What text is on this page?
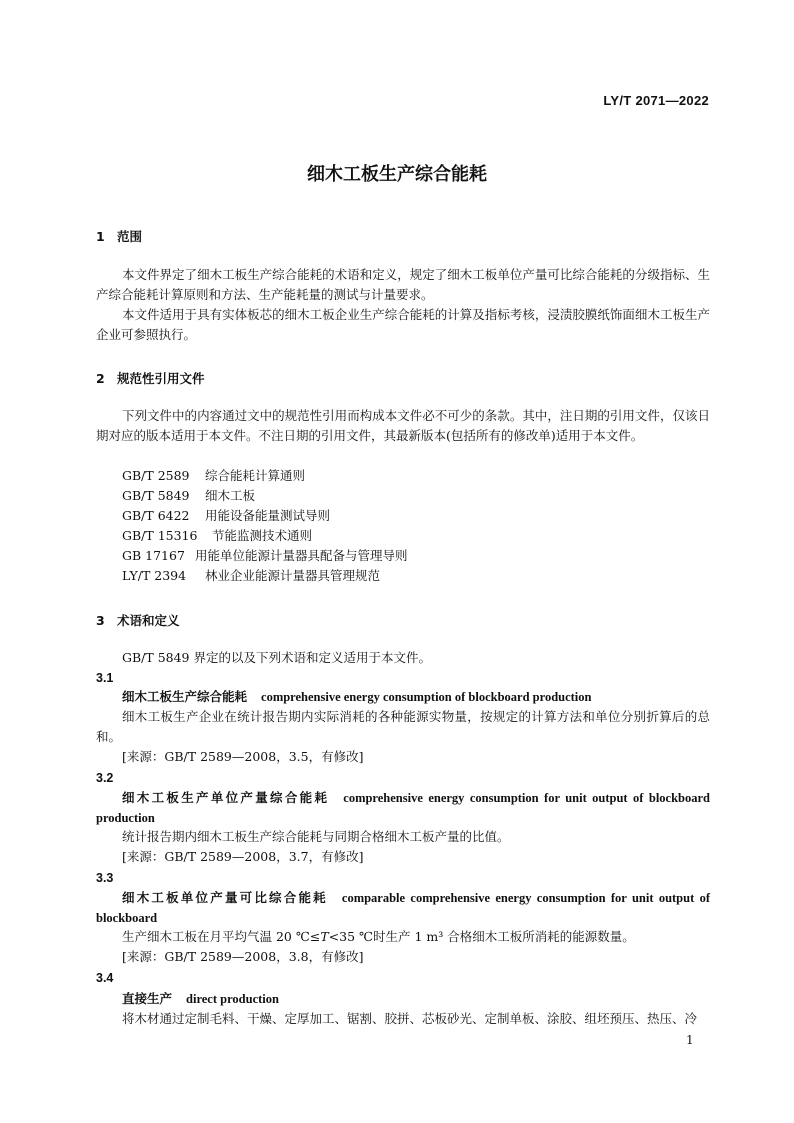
LY/T 2071—2022
细木工板生产综合能耗
1 范围
本文件界定了细木工板生产综合能耗的术语和定义，规定了细木工板单位产量可比综合能耗的分级指标、生产综合能耗计算原则和方法、生产能耗量的测试与计量要求。
本文件适用于具有实体板芯的细木工板企业生产综合能耗的计算及指标考核，浸渍胶膜纸饰面细木工板生产企业可参照执行。
2 规范性引用文件
下列文件中的内容通过文中的规范性引用而构成本文件必不可少的条款。其中，注日期的引用文件，仅该日期对应的版本适用于本文件。不注日期的引用文件，其最新版本(包括所有的修改单)适用于本文件。
GB/T 2589 综合能耗计算通则
GB/T 5849 细木工板
GB/T 6422 用能设备能量测试导则
GB/T 15316 节能监测技术通则
GB 17167 用能单位能源计量器具配备与管理导则
LY/T 2394 林业企业能源计量器具管理规范
3 术语和定义
GB/T 5849 界定的以及下列术语和定义适用于本文件。
3.1
细木工板生产综合能耗 comprehensive energy consumption of blockboard production
细木工板生产企业在统计报告期内实际消耗的各种能源实物量，按规定的计算方法和单位分别折算后的总和。
[来源：GB/T 2589—2008，3.5，有修改]
3.2
细木工板生产单位产量综合能耗 comprehensive energy consumption for unit output of blockboard production
统计报告期内细木工板生产综合能耗与同期合格细木工板产量的比值。
[来源：GB/T 2589—2008，3.7，有修改]
3.3
细木工板单位产量可比综合能耗 comparable comprehensive energy consumption for unit output of blockboard
生产细木工板在月平均气温 20 ℃≤T<35 ℃时生产 1 m³ 合格细木工板所消耗的能源数量。
[来源：GB/T 2589—2008，3.8，有修改]
3.4
直接生产 direct production
将木材通过定制毛料、干燥、定厚加工、锯割、胶拼、芯板砂光、定制单板、涂胶、组坯预压、热压、冷
1
